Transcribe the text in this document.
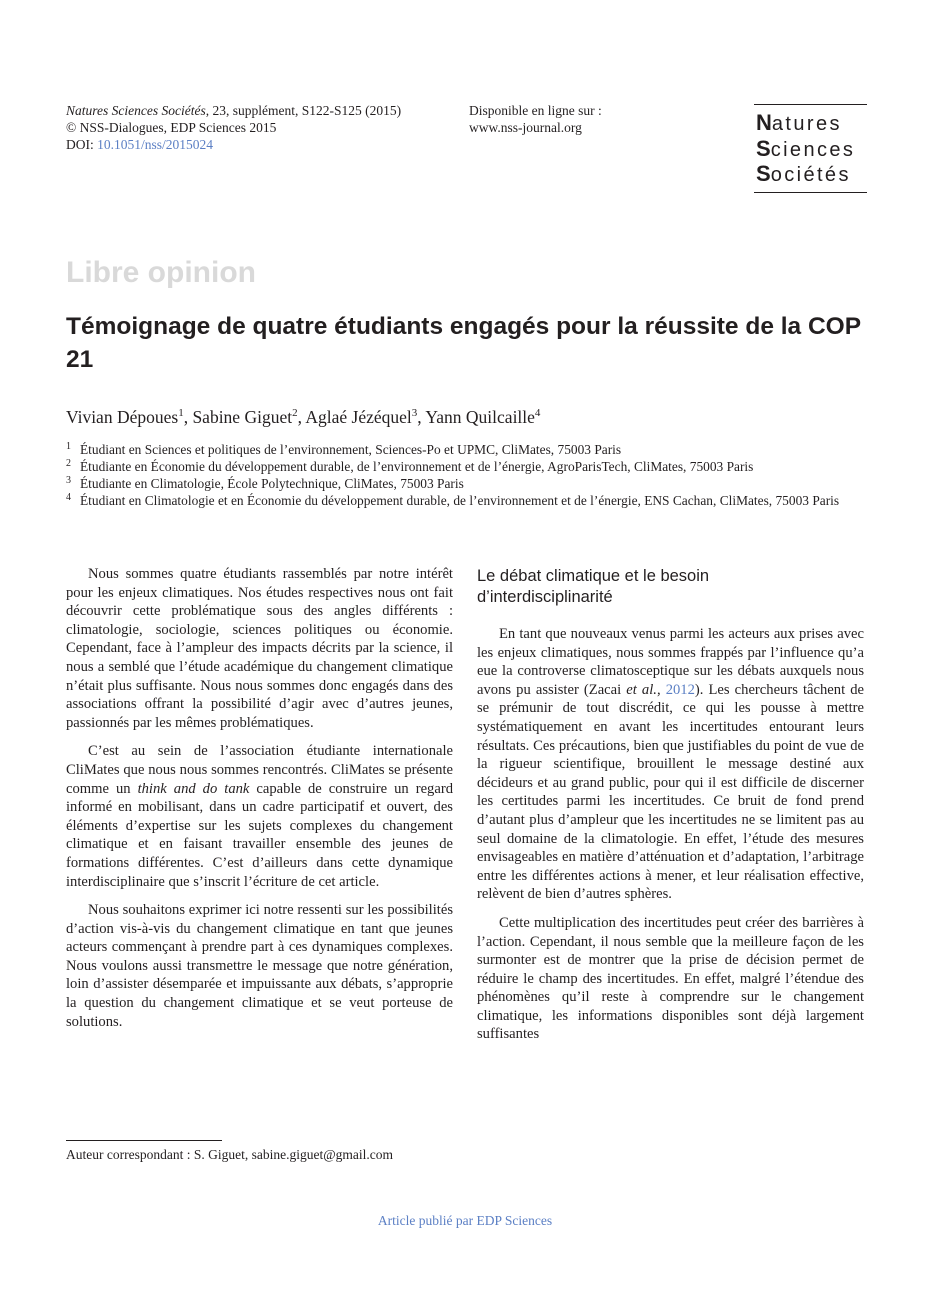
Natures Sciences Sociétés, 23, supplément, S122-S125 (2015)
© NSS-Dialogues, EDP Sciences 2015
DOI: 10.1051/nss/2015024
Disponible en ligne sur :
www.nss-journal.org	Natures
Sciences
Sociétés
Libre opinion
Témoignage de quatre étudiants engagés pour la réussite de la COP 21
Vivian Dépoues$^1$, Sabine Giguet$^2$, Aglaé Jézéquel$^3$, Yann Quilcaille$^4$
1 Étudiant en Sciences et politiques de l’environnement, Sciences-Po et UPMC, CliMates, 75003 Paris
2 Étudiante en Économie du développement durable, de l’environnement et de l’énergie, AgroParisTech, CliMates, 75003 Paris
3 Étudiante en Climatologie, École Polytechnique, CliMates, 75003 Paris
4 Étudiant en Climatologie et en Économie du développement durable, de l’environnement et de l’énergie, ENS Cachan, CliMates, 75003 Paris

Nous sommes quatre étudiants rassemblés par notre intérêt pour les enjeux climatiques. Nos études respectives nous ont fait découvrir cette problématique sous des angles différents : climatologie, sociologie, sciences politiques ou économie. Cependant, face à l’ampleur des impacts décrits par la science, il nous a semblé que l’étude académique du changement climatique n’était plus suffisante. Nous nous sommes donc engagés dans des associations offrant la possibilité d’agir avec d’autres jeunes, passionnés par les mêmes problématiques.

C’est au sein de l’association étudiante internationale CliMates que nous nous sommes rencontrés. CliMates se présente comme un think and do tank capable de construire un regard informé en mobilisant, dans un cadre participatif et ouvert, des éléments d’expertise sur les sujets complexes du changement climatique et en faisant travailler ensemble des jeunes de formations différentes. C’est d’ailleurs dans cette dynamique interdisciplinaire que s’inscrit l’écriture de cet article.

Nous souhaitons exprimer ici notre ressenti sur les possibilités d’action vis-à-vis du changement climatique en tant que jeunes acteurs commençant à prendre part à ces dynamiques complexes. Nous voulons aussi transmettre le message que notre génération, loin d’assister désemparée et impuissante aux débats, s’approprie la question du changement climatique et se veut porteuse de solutions.

Le débat climatique et le besoin d’interdisciplinarité

En tant que nouveaux venus parmi les acteurs aux prises avec les enjeux climatiques, nous sommes frappés par l’influence qu’a eue la controverse climatosceptique sur les débats auxquels nous avons pu assister (Zacai et al., 2012). Les chercheurs tâchent de se prémunir de tout discrédit, ce qui les pousse à mettre systématiquement en avant les incertitudes entourant leurs résultats. Ces précautions, bien que justifiables du point de vue de la rigueur scientifique, brouillent le message destiné aux décideurs et au grand public, pour qui il est difficile de discerner les certitudes parmi les incertitudes. Ce bruit de fond prend d’autant plus d’ampleur que les incertitudes ne se limitent pas au seul domaine de la climatologie. En effet, l’étude des mesures envisageables en matière d’atténuation et d’adaptation, l’arbitrage entre les différentes actions à mener, et leur réalisation effective, relèvent de bien d’autres sphères.

Cette multiplication des incertitudes peut créer des barrières à l’action. Cependant, il nous semble que la meilleure façon de les surmonter est de montrer que la prise de décision permet de réduire le champ des incertitudes. En effet, malgré l’étendue des phénomènes qu’il reste à comprendre sur le changement climatique, les informations disponibles sont déjà largement suffisantes

Auteur correspondant : S. Giguet, sabine.giguet@gmail.com
Article publié par EDP Sciences
